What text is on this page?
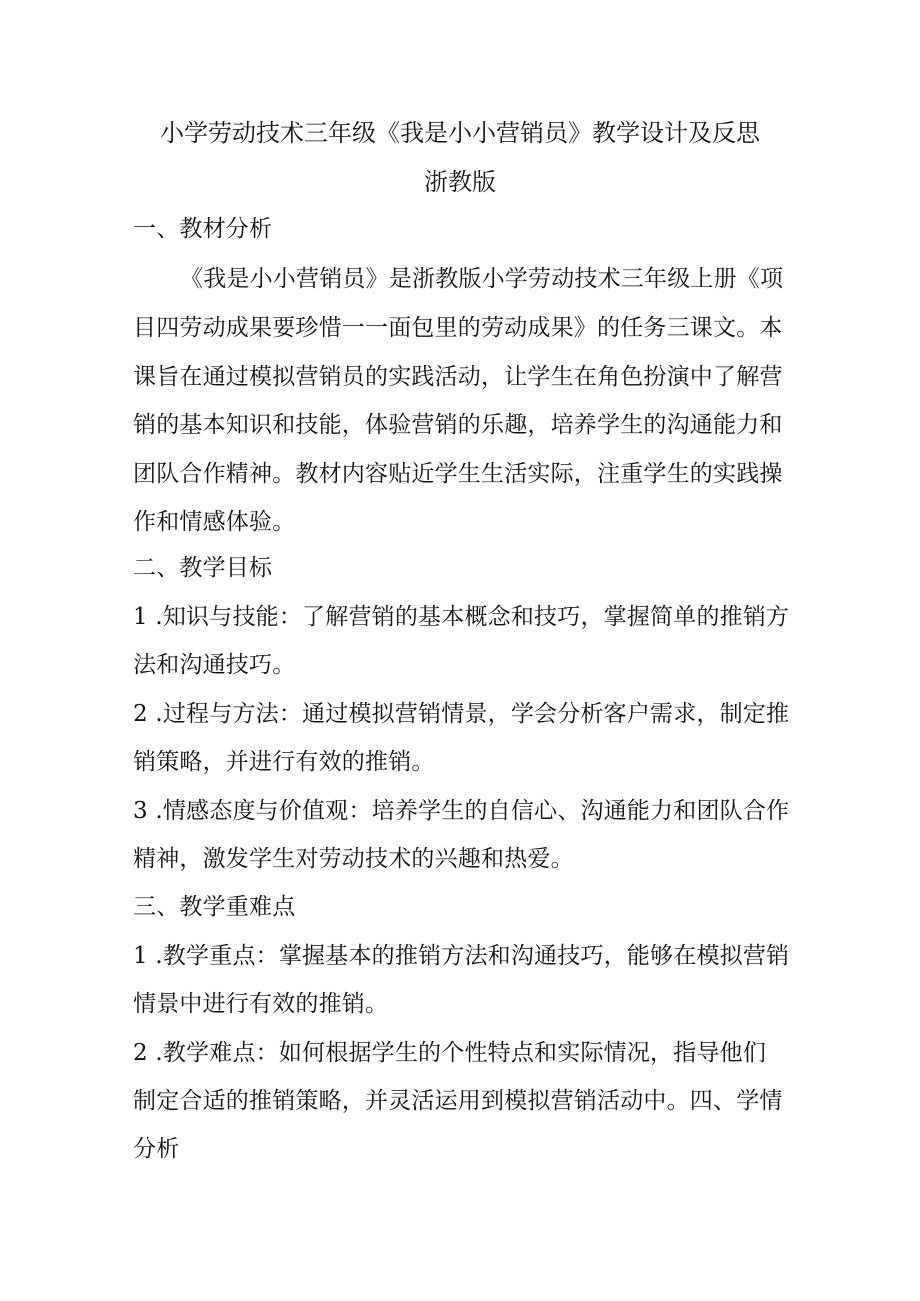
小学劳动技术三年级《我是小小营销员》教学设计及反思
浙教版
一、教材分析
《我是小小营销员》是浙教版小学劳动技术三年级上册《项
目四劳动成果要珍惜一一面包里的劳动成果》的任务三课文。本
课旨在通过模拟营销员的实践活动，让学生在角色扮演中了解营
销的基本知识和技能，体验营销的乐趣，培养学生的沟通能力和
团队合作精神。教材内容贴近学生生活实际，注重学生的实践操
作和情感体验。
二、教学目标
1 .知识与技能：了解营销的基本概念和技巧，掌握简单的推销方
法和沟通技巧。
2 .过程与方法：通过模拟营销情景，学会分析客户需求，制定推
销策略，并进行有效的推销。
3 .情感态度与价值观：培养学生的自信心、沟通能力和团队合作
精神，激发学生对劳动技术的兴趣和热爱。
三、教学重难点
1 .教学重点：掌握基本的推销方法和沟通技巧，能够在模拟营销
情景中进行有效的推销。
2 .教学难点：如何根据学生的个性特点和实际情况，指导他们
制定合适的推销策略，并灵活运用到模拟营销活动中。四、学情
分析
